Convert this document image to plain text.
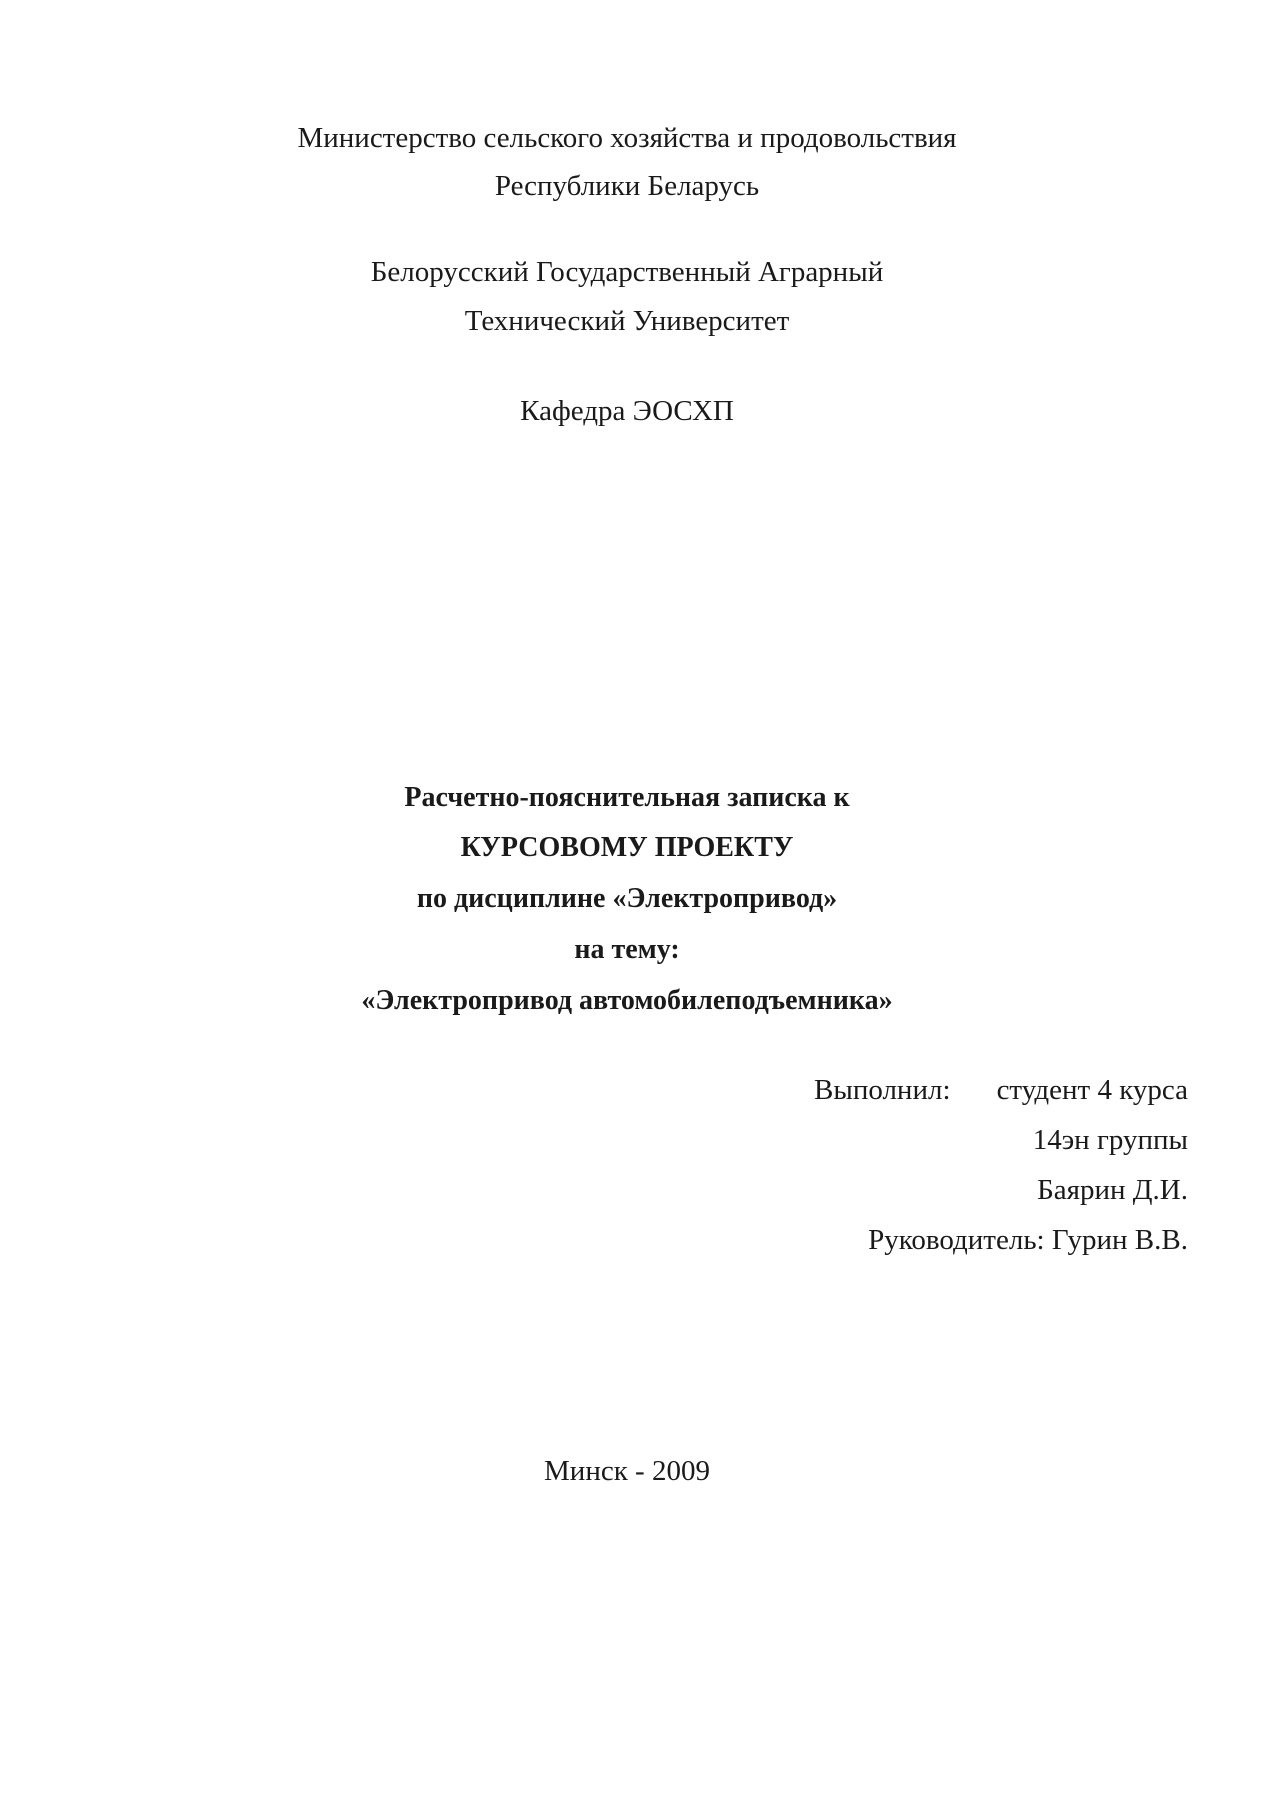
Министерство сельского хозяйства и продовольствия
Республики Беларусь
Белорусский Государственный Аграрный
Технический Университет
Кафедра ЭОСХП
Расчетно-пояснительная записка к
КУРСОВОМУ ПРОЕКТУ
по дисциплине «Электропривод»
на тему:
«Электропривод автомобилеподъемника»
Выполнил: студент 4 курса
14эн группы
Баярин Д.И.
Руководитель: Гурин В.В.
Минск - 2009
